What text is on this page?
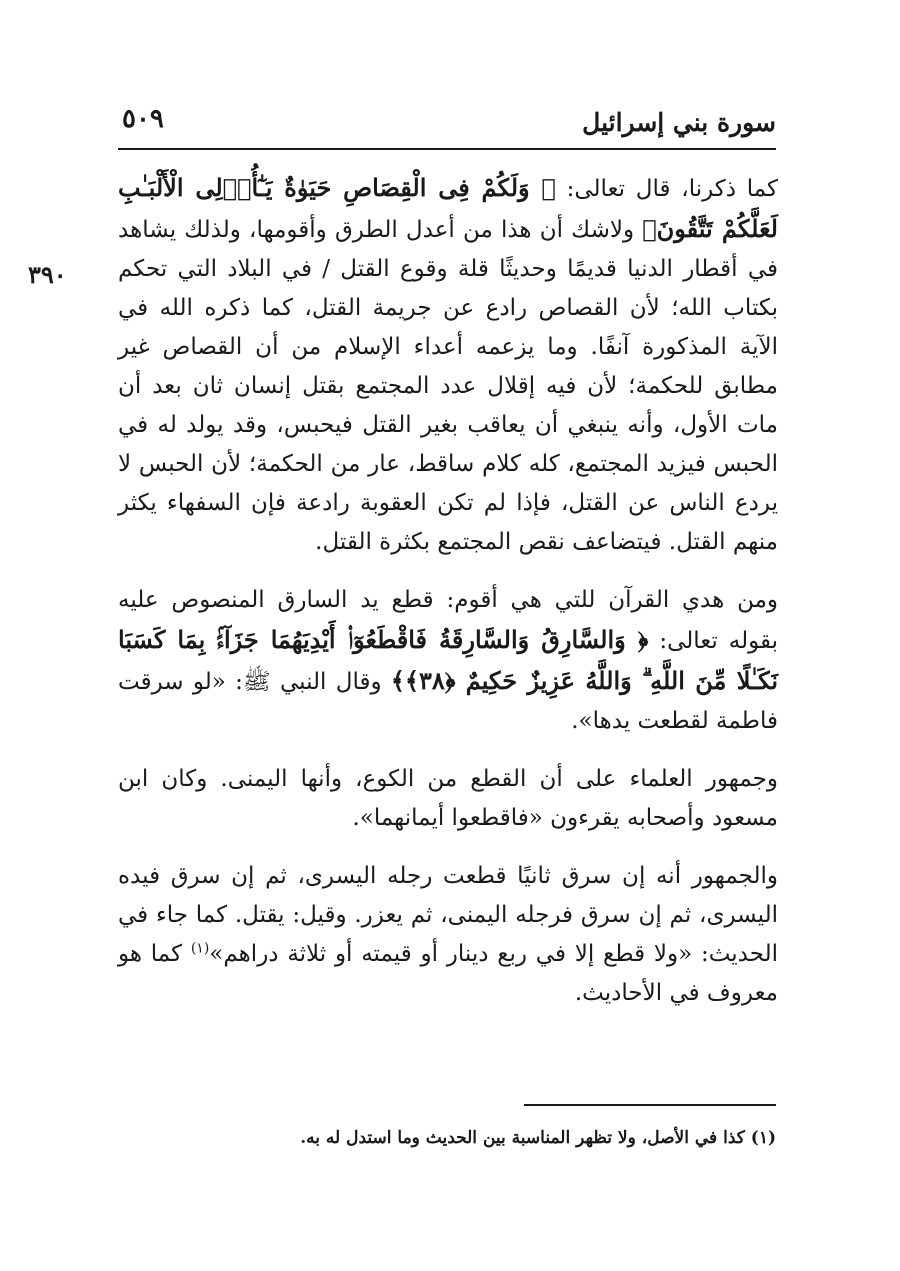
سورة بني إسرائيل
٥٠٩
٣٩٠

كما ذكرنا، قال تعالى: ﴿ وَلَكُمْ فِى الْقِصَاصِ حَيَوٰةٌ يَـٰٓأُو۟لِى الْأَلْبَـٰبِ لَعَلَّكُمْ تَتَّقُونَ﴾ ولاشك أن هذا من أعدل الطرق وأقومها، ولذلك يشاهد في أقطار الدنيا قديمًا وحديثًا قلة وقوع القتل / في البلاد التي تحكم بكتاب الله؛ لأن القصاص رادع عن جريمة القتل، كما ذكره الله في الآية المذكورة آنفًا. وما يزعمه أعداء الإسلام من أن القصاص غير مطابق للحكمة؛ لأن فيه إقلال عدد المجتمع بقتل إنسان ثان بعد أن مات الأول، وأنه ينبغي أن يعاقب بغير القتل فيحبس، وقد يولد له في الحبس فيزيد المجتمع، كله كلام ساقط، عار من الحكمة؛ لأن الحبس لا يردع الناس عن القتل، فإذا لم تكن العقوبة رادعة فإن السفهاء يكثر منهم القتل. فيتضاعف نقص المجتمع بكثرة القتل.

ومن هدي القرآن للتي هي أقوم: قطع يد السارق المنصوص عليه بقوله تعالى: ﴿ وَالسَّارِقُ وَالسَّارِقَةُ فَاقْطَعُوٓا۟ أَيْدِيَهُمَا جَزَآءًۢ بِمَا كَسَبَا نَكَـٰلًا مِّنَ اللَّهِ ۗ وَاللَّهُ عَزِيزٌ حَكِيمٌ ﴿٣٨﴾﴾ وقال النبي ﷺ: «لو سرقت فاطمة لقطعت يدها».

وجمهور العلماء على أن القطع من الكوع، وأنها اليمنى. وكان ابن مسعود وأصحابه يقرءون «فاقطعوا أيمانهما».

والجمهور أنه إن سرق ثانيًا قطعت رجله اليسرى، ثم إن سرق فيده اليسرى، ثم إن سرق فرجله اليمنى، ثم يعزر. وقيل: يقتل. كما جاء في الحديث: «ولا قطع إلا في ربع دينار أو قيمته أو ثلاثة دراهم»$^{(١)}$ كما هو معروف في الأحاديث.

(١) كذا في الأصل، ولا تظهر المناسبة بين الحديث وما استدل له به.
